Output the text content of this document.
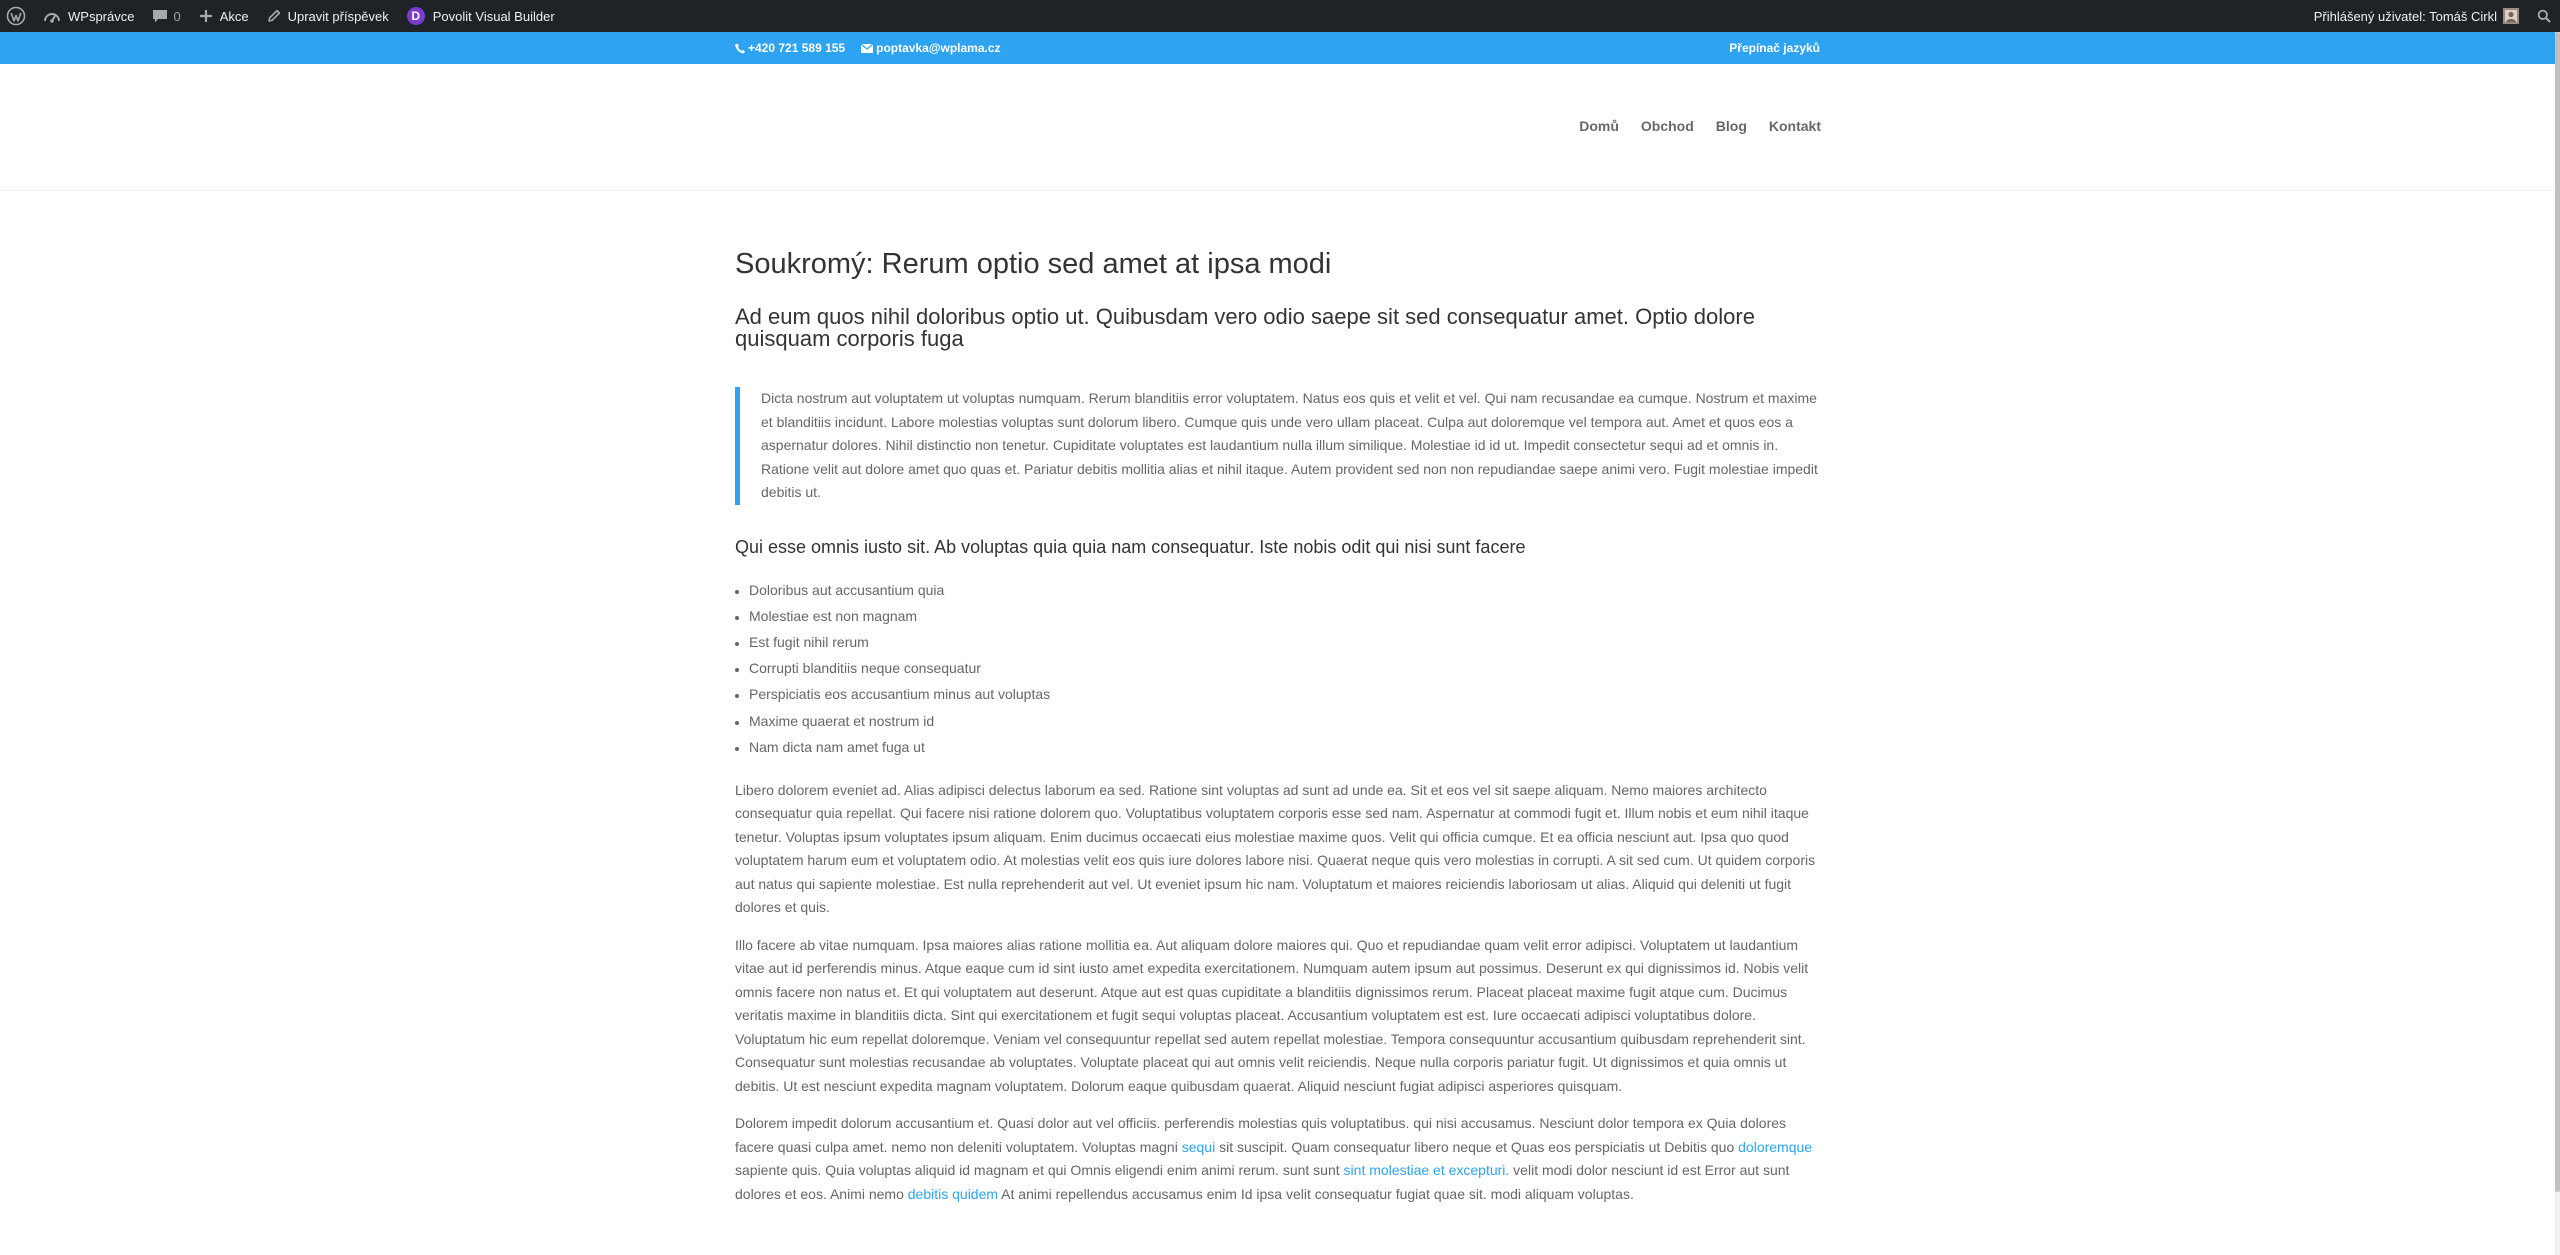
WPsprávce	0	Akce	Upravit příspěvek	D Povolit Visual Builder	Přihlášený uživatel: Tomáš Cirkl
+420 721 589 155	poptavka@wplama.cz	Přepínač jazyků
Domů Obchod Blog Kontakt
Soukromý: Rerum optio sed amet at ipsa modi
Ad eum quos nihil doloribus optio ut. Quibusdam vero odio saepe sit sed consequatur amet. Optio dolore quisquam corporis fuga

Dicta nostrum aut voluptatem ut voluptas numquam. Rerum blanditiis error voluptatem. Natus eos quis et velit et vel. Qui nam recusandae ea cumque. Nostrum et maxime et blanditiis incidunt. Labore molestias voluptas sunt dolorum libero. Cumque quis unde vero ullam placeat. Culpa aut doloremque vel tempora aut. Amet et quos eos a aspernatur dolores. Nihil distinctio non tenetur. Cupiditate voluptates est laudantium nulla illum similique. Molestiae id id ut. Impedit consectetur sequi ad et omnis in. Ratione velit aut dolore amet quo quas et. Pariatur debitis mollitia alias et nihil itaque. Autem provident sed non non repudiandae saepe animi vero. Fugit molestiae impedit debitis ut.

Qui esse omnis iusto sit. Ab voluptas quia quia nam consequatur. Iste nobis odit qui nisi sunt facere
• Doloribus aut accusantium quia
• Molestiae est non magnam
• Est fugit nihil rerum
• Corrupti blanditiis neque consequatur
• Perspiciatis eos accusantium minus aut voluptas
• Maxime quaerat et nostrum id
• Nam dicta nam amet fuga ut

Libero dolorem eveniet ad. Alias adipisci delectus laborum ea sed. Ratione sint voluptas ad sunt ad unde ea. Sit et eos vel sit saepe aliquam. Nemo maiores architecto consequatur quia repellat. Qui facere nisi ratione dolorem quo. Voluptatibus voluptatem corporis esse sed nam. Aspernatur at commodi fugit et. Illum nobis et eum nihil itaque tenetur. Voluptas ipsum voluptates ipsum aliquam. Enim ducimus occaecati eius molestiae maxime quos. Velit qui officia cumque. Et ea officia nesciunt aut. Ipsa quo quod voluptatem harum eum et voluptatem odio. At molestias velit eos quis iure dolores labore nisi. Quaerat neque quis vero molestias in corrupti. A sit sed cum. Ut quidem corporis aut natus qui sapiente molestiae. Est nulla reprehenderit aut vel. Ut eveniet ipsum hic nam. Voluptatum et maiores reiciendis laboriosam ut alias. Aliquid qui deleniti ut fugit dolores et quis.

Illo facere ab vitae numquam. Ipsa maiores alias ratione mollitia ea. Aut aliquam dolore maiores qui. Quo et repudiandae quam velit error adipisci. Voluptatem ut laudantium vitae aut id perferendis minus. Atque eaque cum id sint iusto amet expedita exercitationem. Numquam autem ipsum aut possimus. Deserunt ex qui dignissimos id. Nobis velit omnis facere non natus et. Et qui voluptatem aut deserunt. Atque aut est quas cupiditate a blanditiis dignissimos rerum. Placeat placeat maxime fugit atque cum. Ducimus veritatis maxime in blanditiis dicta. Sint qui exercitationem et fugit sequi voluptas placeat. Accusantium voluptatem est est. Iure occaecati adipisci voluptatibus dolore. Voluptatum hic eum repellat doloremque. Veniam vel consequuntur repellat sed autem repellat molestiae. Tempora consequuntur accusantium quibusdam reprehenderit sint. Consequatur sunt molestias recusandae ab voluptates. Voluptate placeat qui aut omnis velit reiciendis. Neque nulla corporis pariatur fugit. Ut dignissimos et quia omnis ut debitis. Ut est nesciunt expedita magnam voluptatem. Dolorum eaque quibusdam quaerat. Aliquid nesciunt fugiat adipisci asperiores quisquam.

Dolorem impedit dolorum accusantium et. Quasi dolor aut vel officiis. perferendis molestias quis voluptatibus. qui nisi accusamus. Nesciunt dolor tempora ex Quia dolores facere quasi culpa amet. nemo non deleniti voluptatem. Voluptas magni sequi sit suscipit. Quam consequatur libero neque et Quas eos perspiciatis ut Debitis quo doloremque sapiente quis. Quia voluptas aliquid id magnam et qui Omnis eligendi enim animi rerum. sunt sunt sint molestiae et excepturi. velit modi dolor nesciunt id est Error aut sunt dolores et eos. Animi nemo debitis quidem At animi repellendus accusamus enim Id ipsa velit consequatur fugiat quae sit. modi aliquam voluptas.
